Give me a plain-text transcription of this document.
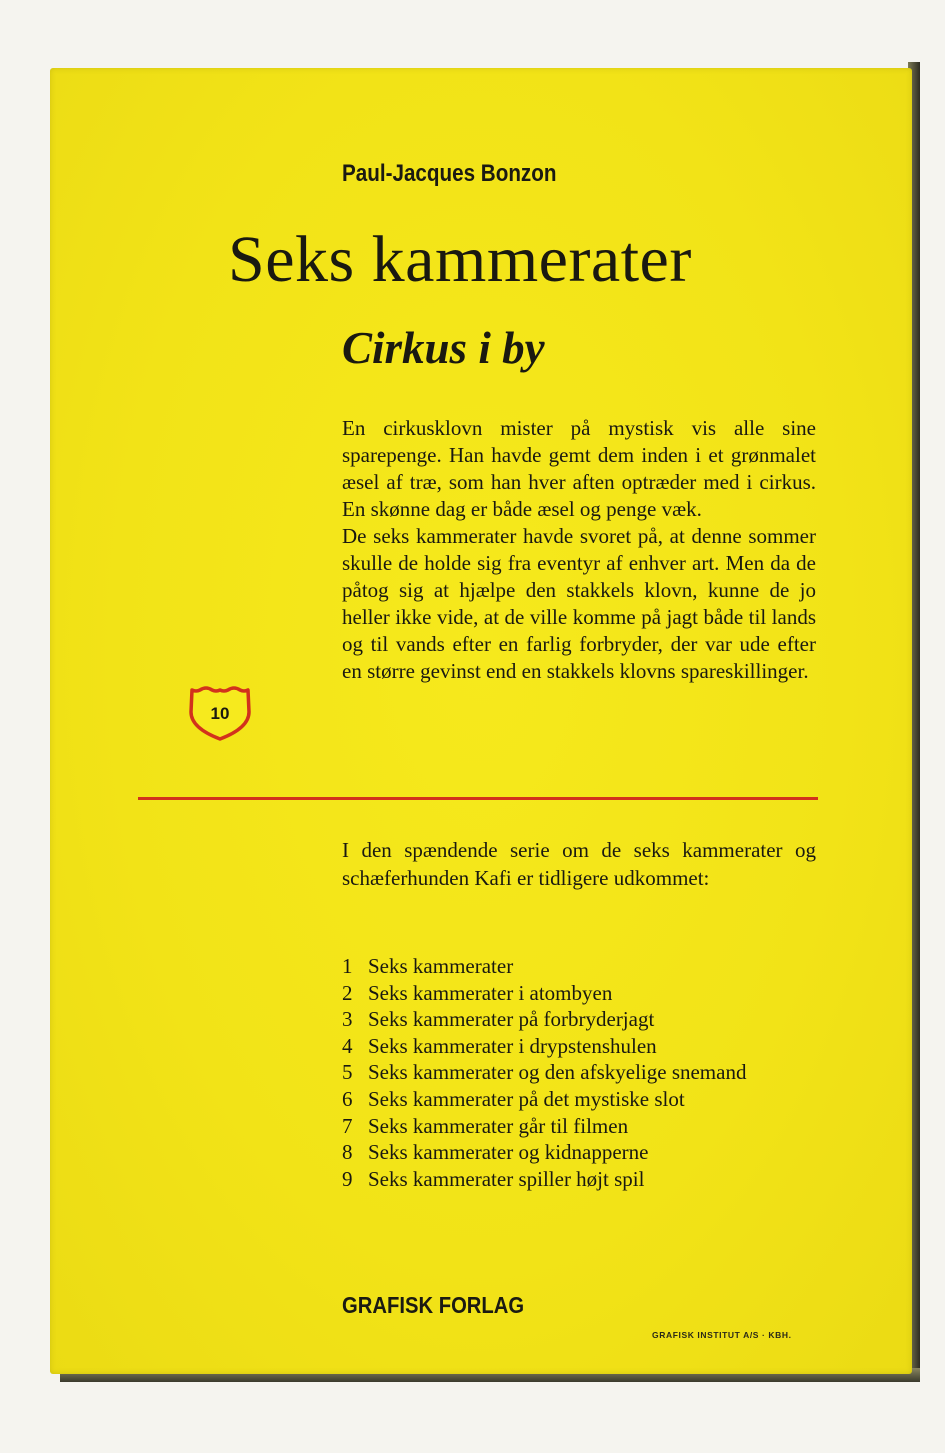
Paul-Jacques Bonzon
Seks kammerater
Cirkus i by

En cirkusklovn mister på mystisk vis alle sine sparepenge. Han havde gemt dem inden i et grønmalet æsel af træ, som han hver aften optræder med i cirkus. En skønne dag er både æsel og penge væk.

De seks kammerater havde svoret på, at denne sommer skulle de holde sig fra eventyr af enhver art. Men da de påtog sig at hjælpe den stakkels klovn, kunne de jo heller ikke vide, at de ville komme på jagt både til lands og til vands efter en farlig forbryder, der var ude efter en større gevinst end en stakkels klovns spareskillinger.

10

I den spændende serie om de seks kammerater og schæferhunden Kafi er tidligere udkommet:

1 Seks kammerater
2 Seks kammerater i atombyen
3 Seks kammerater på forbryderjagt
4 Seks kammerater i drypstenshulen
5 Seks kammerater og den afskyelige snemand
6 Seks kammerater på det mystiske slot
7 Seks kammerater går til filmen
8 Seks kammerater og kidnapperne
9 Seks kammerater spiller højt spil

GRAFISK FORLAG

GRAFISK INSTITUT A/S · KBH.
